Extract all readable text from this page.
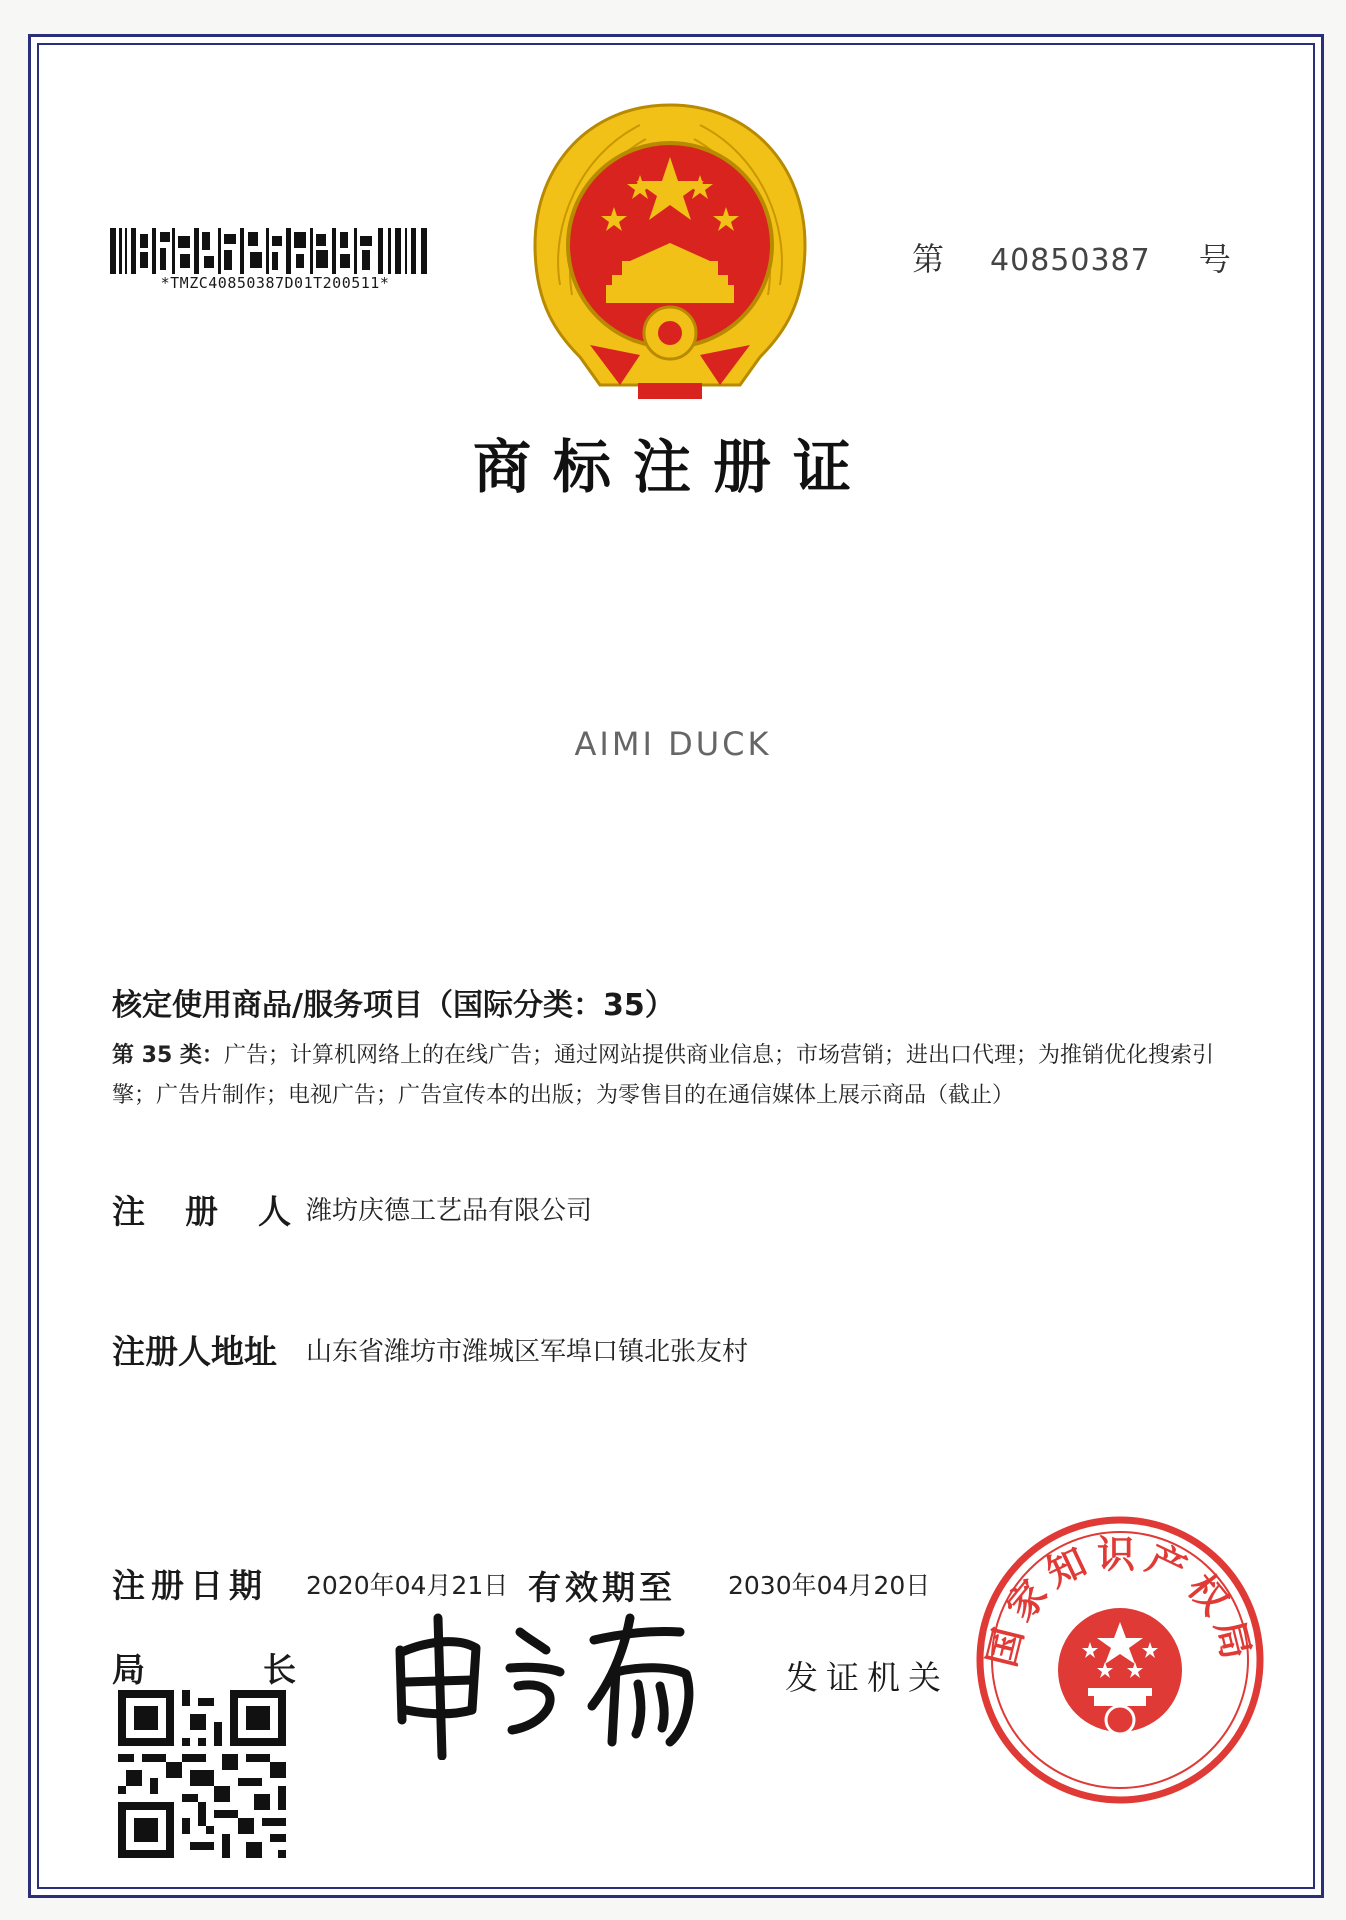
*TMZC40850387D01T200511*
第 40850387 号
商标注册证
AIMI DUCK
核定使用商品/服务项目（国际分类：35）
第 35 类：广告；计算机网络上的在线广告；通过网站提供商业信息；市场营销；进出口代理；为推销优化搜索引擎；广告片制作；电视广告；广告宣传本的出版；为零售目的在通信媒体上展示商品（截止）
注册人
潍坊庆德工艺品有限公司
注册人地址 山东省潍坊市潍城区军埠口镇北张友村
注册日期 2020年04月21日 有效期至 2030年04月20日
局长	发证机关
国家知识产权局
